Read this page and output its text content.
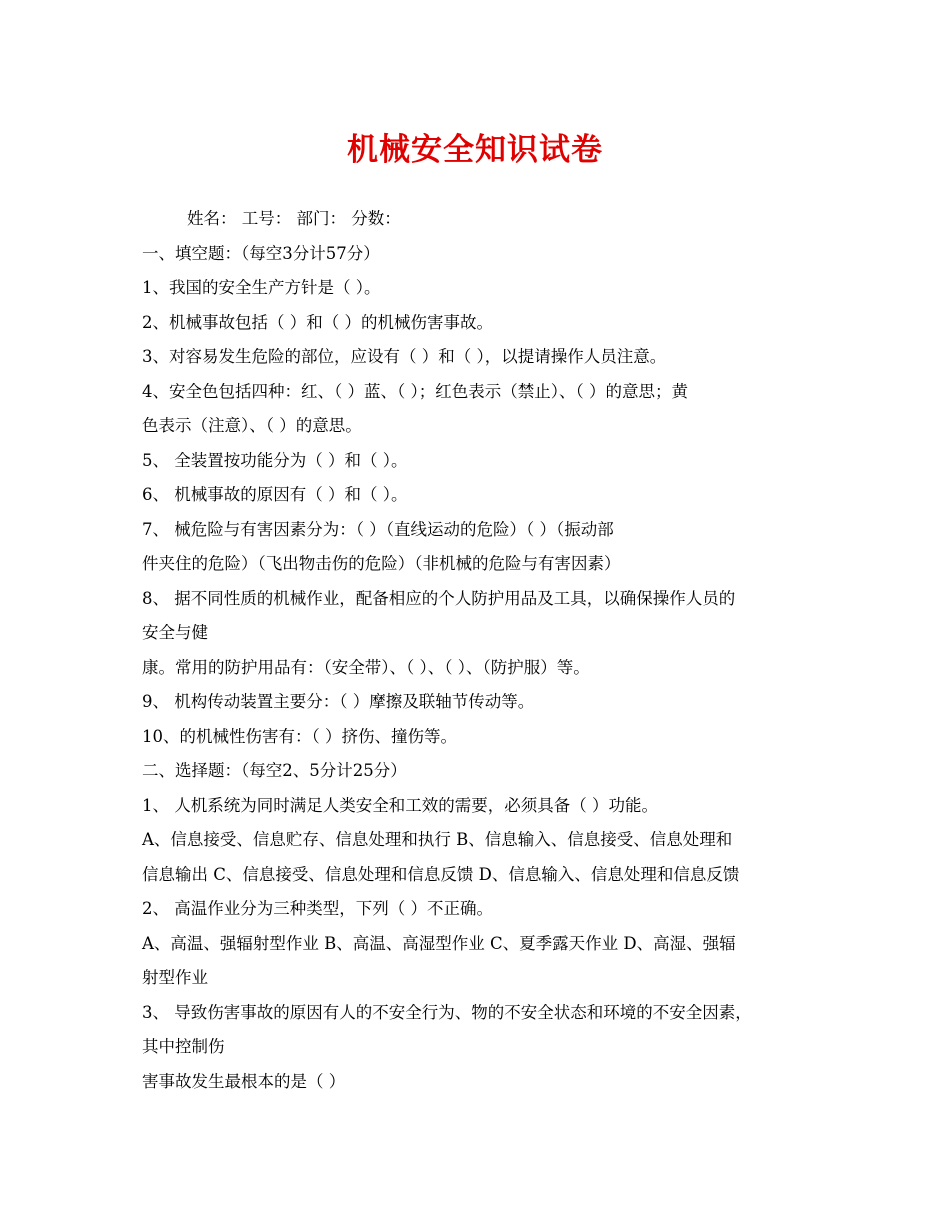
机械安全知识试卷
姓名： 工号： 部门： 分数：
一、填空题：（每空3分计57分）
1、我国的安全生产方针是（ ）。
2、机械事故包括（ ）和（ ）的机械伤害事故。
3、对容易发生危险的部位，应设有（ ）和（ ），以提请操作人员注意。
4、安全色包括四种：红、（ ）蓝、（ ）；红色表示（禁止）、（ ）的意思；黄
色表示（注意）、（ ）的意思。
5、 全装置按功能分为（ ）和（ ）。
6、 机械事故的原因有（ ）和（ ）。
7、 械危险与有害因素分为：（ ）（直线运动的危险）（ ）（振动部
件夹住的危险）（飞出物击伤的危险）（非机械的危险与有害因素）
8、 据不同性质的机械作业，配备相应的个人防护用品及工具，以确保操作人员的
安全与健
康。常用的防护用品有：（安全带）、（ ）、（ ）、（防护服）等。
9、 机构传动装置主要分：（ ）摩擦及联轴节传动等。
10、的机械性伤害有：（ ）挤伤、撞伤等。
二、选择题：（每空2、5分计25分）
1、 人机系统为同时满足人类安全和工效的需要，必须具备（ ）功能。
A、信息接受、信息贮存、信息处理和执行 B、信息输入、信息接受、信息处理和
信息输出 C、信息接受、信息处理和信息反馈 D、信息输入、信息处理和信息反馈
2、 高温作业分为三种类型，下列（ ）不正确。
A、高温、强辐射型作业 B、高温、高湿型作业 C、夏季露天作业 D、高湿、强辐
射型作业
3、 导致伤害事故的原因有人的不安全行为、物的不安全状态和环境的不安全因素，
其中控制伤
害事故发生最根本的是（ ）
